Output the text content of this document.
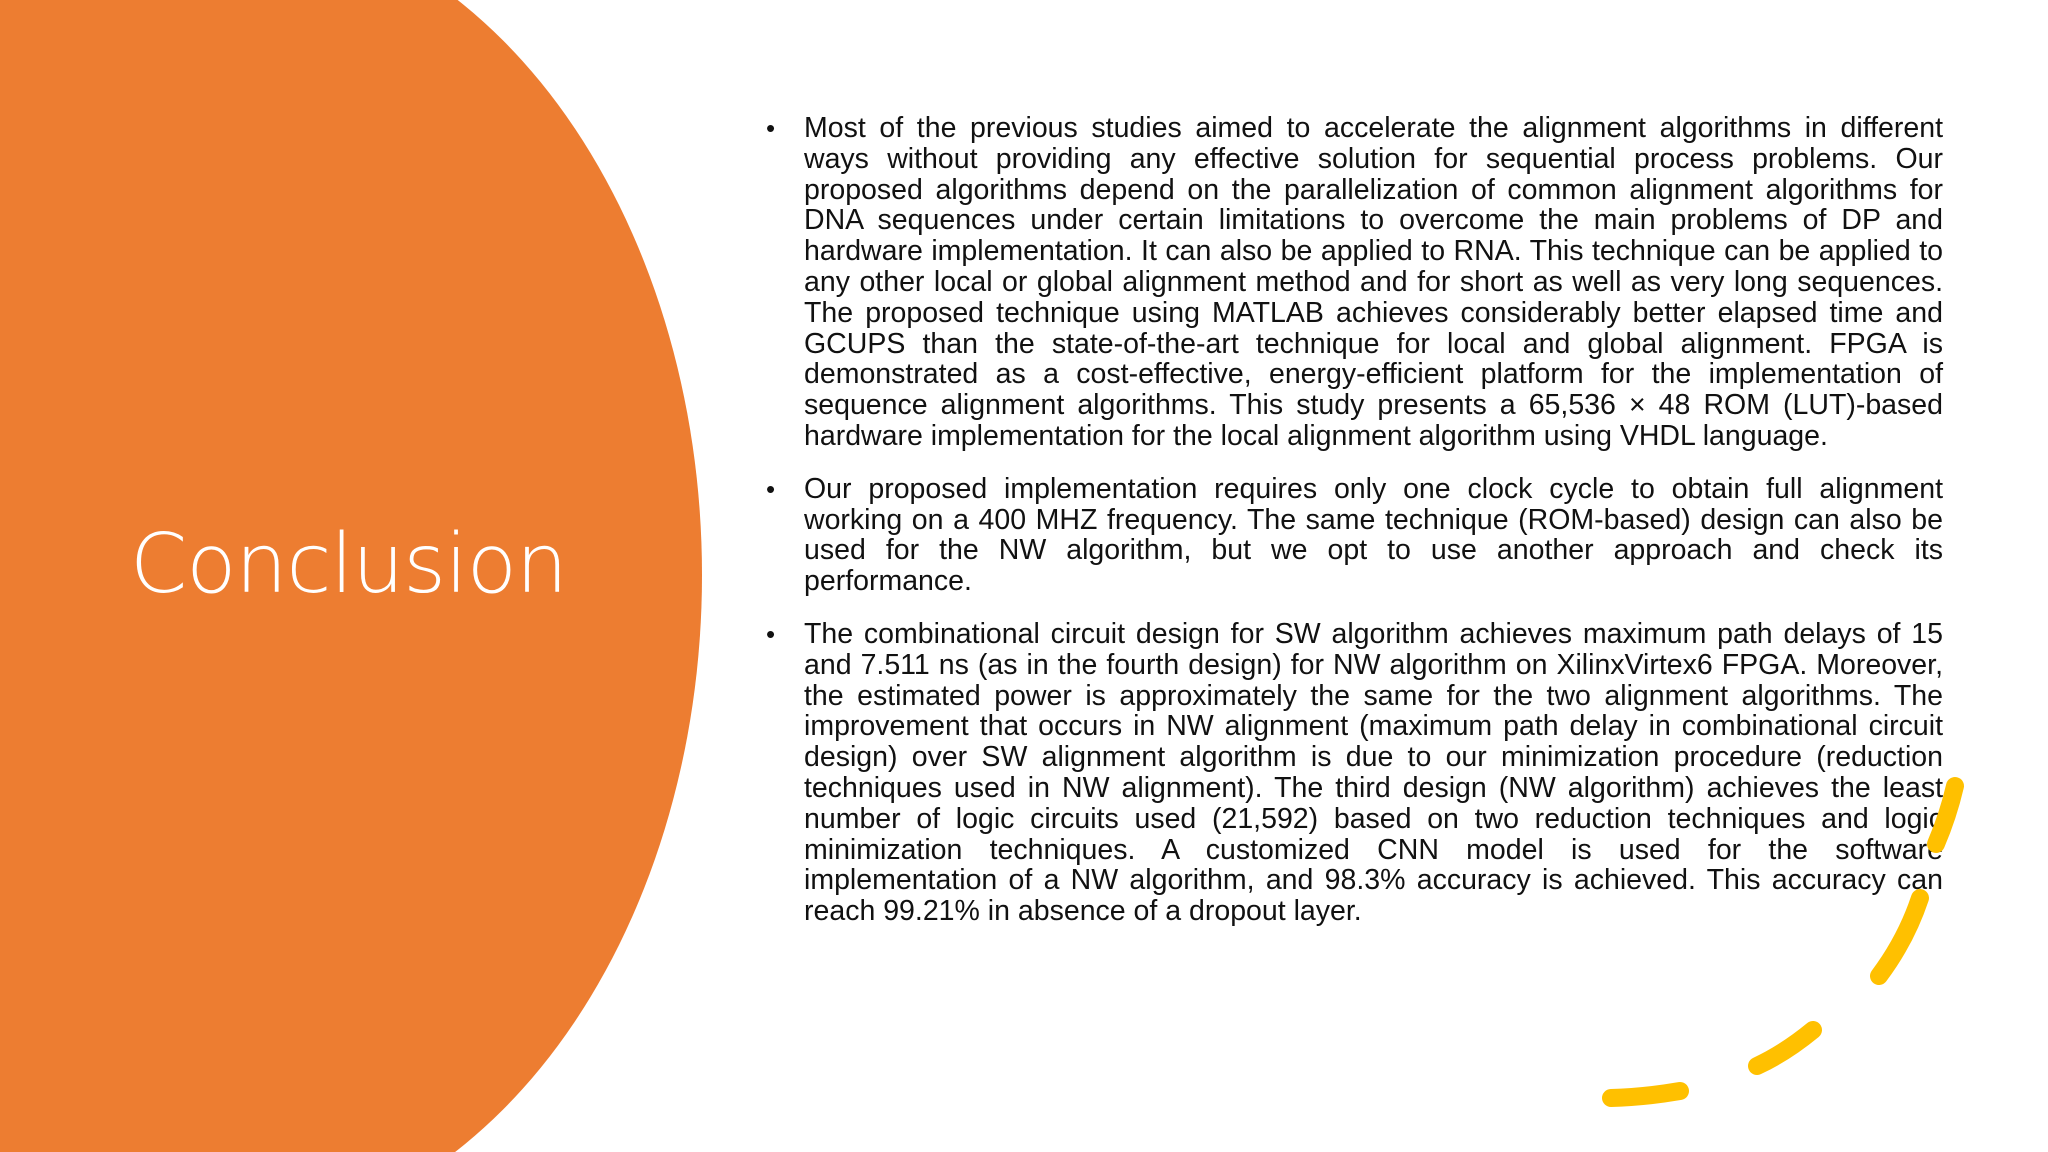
Conclusion
• Most of the previous studies aimed to accelerate the alignment algorithms in different ways without providing any effective solution for sequential process problems. Our proposed algorithms depend on the parallelization of common alignment algorithms for DNA sequences under certain limitations to overcome the main problems of DP and hardware implementation. It can also be applied to RNA. This technique can be applied to any other local or global alignment method and for short as well as very long sequences. The proposed technique using MATLAB achieves considerably better elapsed time and GCUPS than the state-of-the-art technique for local and global alignment. FPGA is demonstrated as a cost-effective, energy-efficient platform for the implementation of sequence alignment algorithms. This study presents a 65,536 × 48 ROM (LUT)-based hardware implementation for the local alignment algorithm using VHDL language.
• Our proposed implementation requires only one clock cycle to obtain full alignment working on a 400 MHZ frequency. The same technique (ROM-based) design can also be used for the NW algorithm, but we opt to use another approach and check its performance.
• The combinational circuit design for SW algorithm achieves maximum path delays of 15 and 7.511 ns (as in the fourth design) for NW algorithm on XilinxVirtex6 FPGA. Moreover, the estimated power is approximately the same for the two alignment algorithms. The improvement that occurs in NW alignment (maximum path delay in combinational circuit design) over SW alignment algorithm is due to our minimization procedure (reduction techniques used in NW alignment). The third design (NW algorithm) achieves the least number of logic circuits used (21,592) based on two reduction techniques and logic minimization techniques. A customized CNN model is used for the software implementation of a NW algorithm, and 98.3% accuracy is achieved. This accuracy can reach 99.21% in absence of a dropout layer.
